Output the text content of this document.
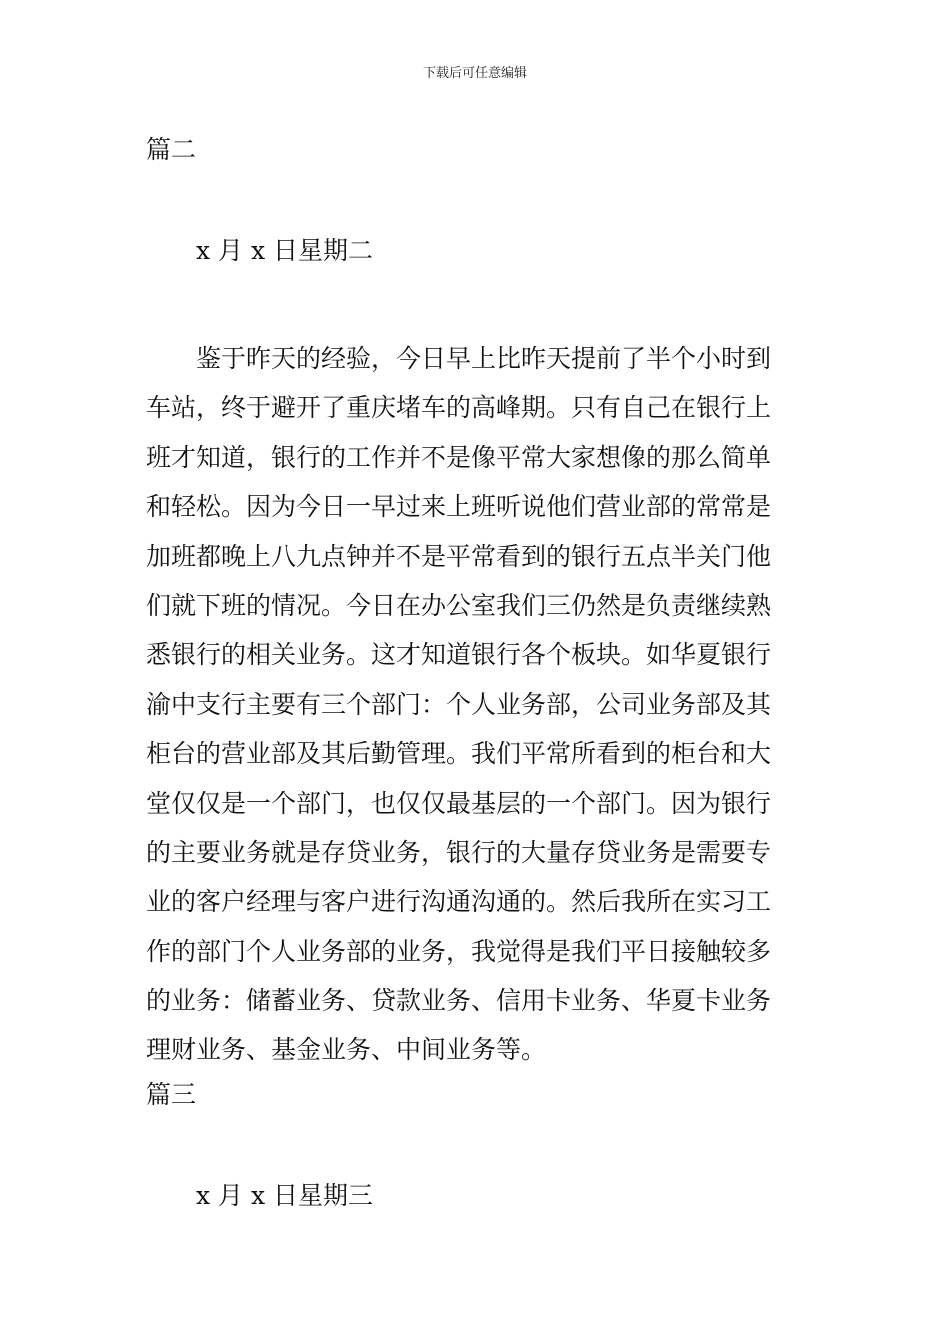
下载后可任意编辑
篇二
x 月 x 日星期二
鉴于昨天的经验，今日早上比昨天提前了半个小时到
车站，终于避开了重庆堵车的高峰期。只有自己在银行上
班才知道，银行的工作并不是像平常大家想像的那么简单
和轻松。因为今日一早过来上班听说他们营业部的常常是
加班都晚上八九点钟并不是平常看到的银行五点半关门他
们就下班的情况。今日在办公室我们三仍然是负责继续熟
悉银行的相关业务。这才知道银行各个板块。如华夏银行
渝中支行主要有三个部门：个人业务部，公司业务部及其
柜台的营业部及其后勤管理。我们平常所看到的柜台和大
堂仅仅是一个部门，也仅仅最基层的一个部门。因为银行
的主要业务就是存贷业务，银行的大量存贷业务是需要专
业的客户经理与客户进行沟通沟通的。然后我所在实习工
作的部门个人业务部的业务，我觉得是我们平日接触较多
的业务：储蓄业务、贷款业务、信用卡业务、华夏卡业务
理财业务、基金业务、中间业务等。
篇三
x 月 x 日星期三
